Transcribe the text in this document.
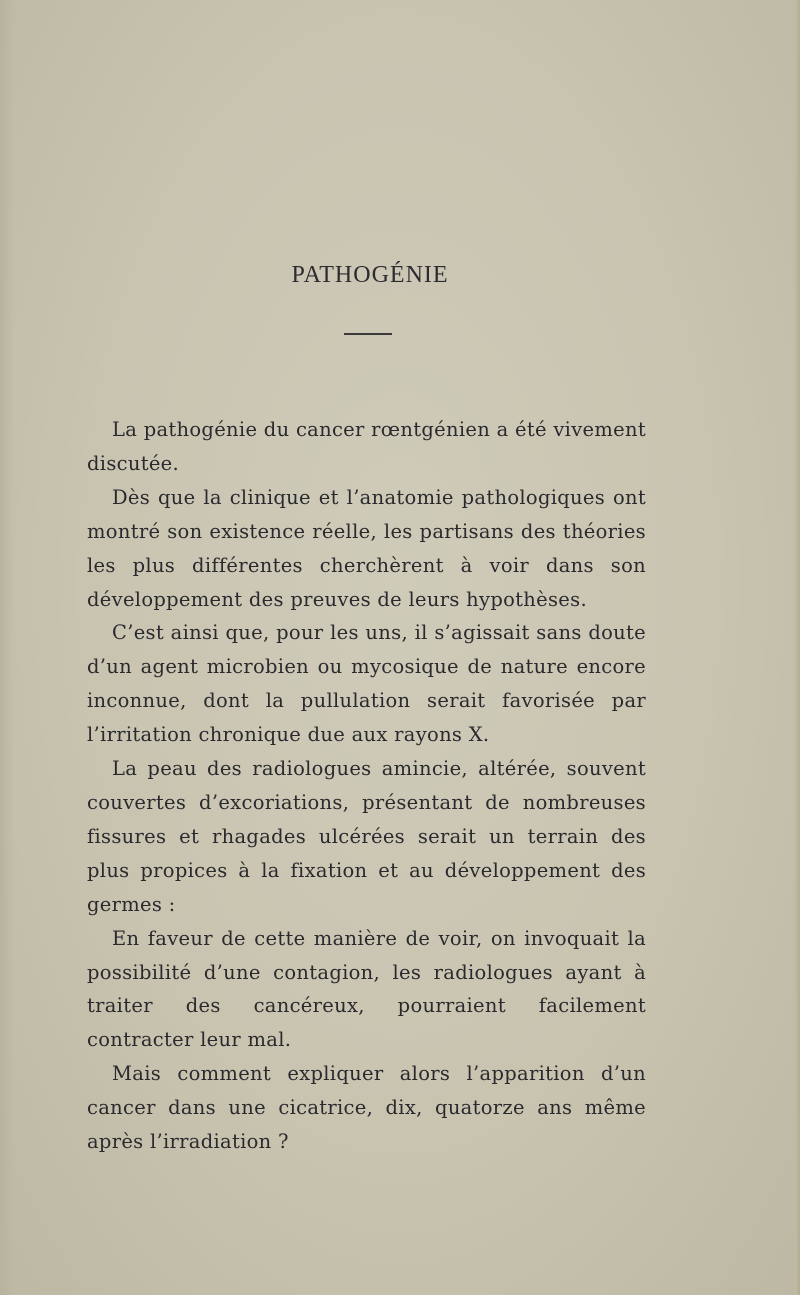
PATHOGÉNIE

La pathogénie du cancer rœntgénien a été vivement discutée.

Dès que la clinique et l’anatomie pathologiques ont montré son existence réelle, les partisans des théories les plus différentes cherchèrent à voir dans son développement des preuves de leurs hypothèses.

C’est ainsi que, pour les uns, il s’agissait sans doute d’un agent microbien ou mycosique de nature encore inconnue, dont la pullulation serait favorisée par l’irritation chronique due aux rayons X.

La peau des radiologues amincie, altérée, souvent couvertes d’excoriations, présentant de nombreuses fissures et rhagades ulcérées serait un terrain des plus propices à la fixation et au développement des germes :

En faveur de cette manière de voir, on invoquait la possibilité d’une contagion, les radiologues ayant à traiter des cancéreux, pourraient facilement contracter leur mal.

Mais comment expliquer alors l’apparition d’un cancer dans une cicatrice, dix, quatorze ans même après l’irradiation ?
